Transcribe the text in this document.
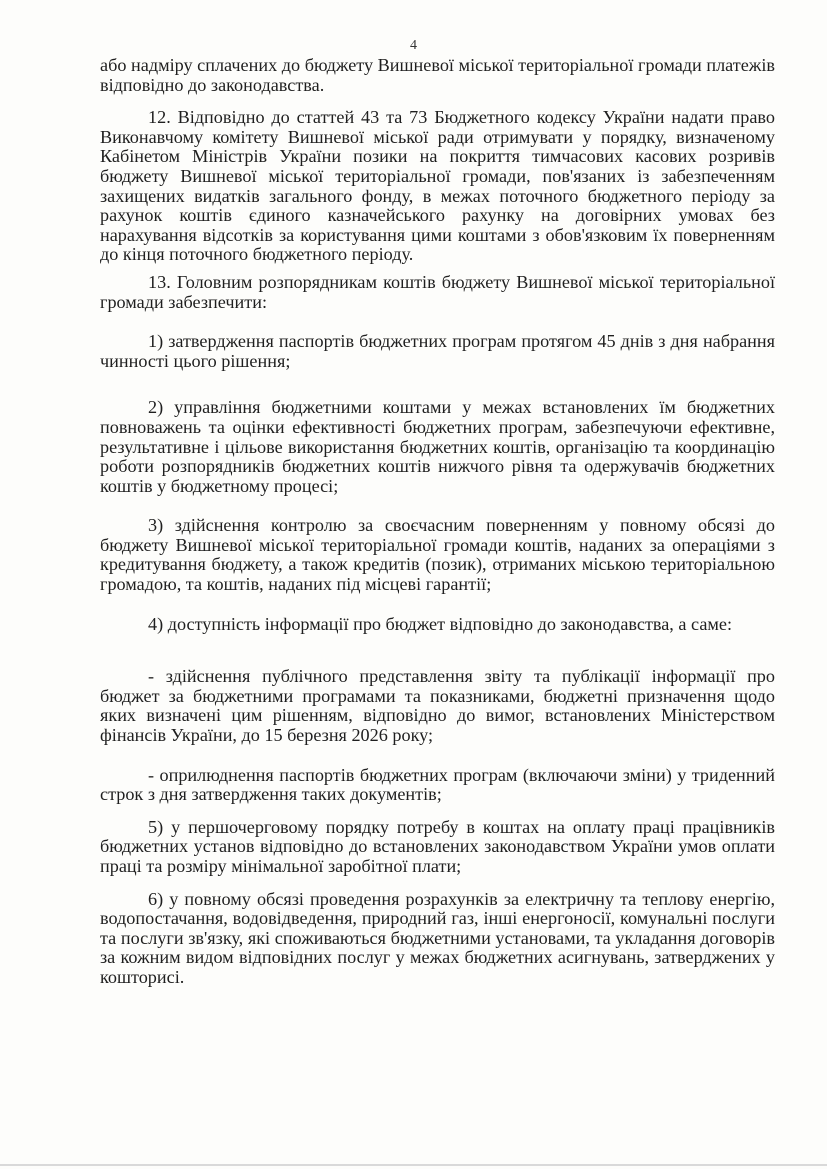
4

або надміру сплачених до бюджету Вишневої міської територіальної громади платежів відповідно до законодавства.

12. Відповідно до статтей 43 та 73 Бюджетного кодексу України надати право Виконавчому комітету Вишневої міської ради отримувати у порядку, визначеному Кабінетом Міністрів України позики на покриття тимчасових касових розривів бюджету Вишневої міської територіальної громади, пов'язаних із забезпеченням захищених видатків загального фонду, в межах поточного бюджетного періоду за рахунок коштів єдиного казначейського рахунку на договірних умовах без нарахування відсотків за користування цими коштами з обов'язковим їх поверненням до кінця поточного бюджетного періоду.

13. Головним розпорядникам коштів бюджету Вишневої міської територіальної громади забезпечити:

1) затвердження паспортів бюджетних програм протягом 45 днів з дня набрання чинності цього рішення;

2) управління бюджетними коштами у межах встановлених їм бюджетних повноважень та оцінки ефективності бюджетних програм, забезпечуючи ефективне, результативне і цільове використання бюджетних коштів, організацію та координацію роботи розпорядників бюджетних коштів нижчого рівня та одержувачів бюджетних коштів у бюджетному процесі;

3) здійснення контролю за своєчасним поверненням у повному обсязі до бюджету Вишневої міської територіальної громади коштів, наданих за операціями з кредитування бюджету, а також кредитів (позик), отриманих міською територіальною громадою, та коштів, наданих під місцеві гарантії;

4) доступність інформації про бюджет відповідно до законодавства, а саме:

- здійснення публічного представлення звіту та публікації інформації про бюджет за бюджетними програмами та показниками, бюджетні призначення щодо яких визначені цим рішенням, відповідно до вимог, встановлених Міністерством фінансів України, до 15 березня 2026 року;

- оприлюднення паспортів бюджетних програм (включаючи зміни) у триденний строк з дня затвердження таких документів;

5) у першочерговому порядку потребу в коштах на оплату праці працівників бюджетних установ відповідно до встановлених законодавством України умов оплати праці та розміру мінімальної заробітної плати;

6) у повному обсязі проведення розрахунків за електричну та теплову енергію, водопостачання, водовідведення, природний газ, інші енергоносії, комунальні послуги та послуги зв'язку, які споживаються бюджетними установами, та укладання договорів за кожним видом відповідних послуг у межах бюджетних асигнувань, затверджених у кошторисі.
